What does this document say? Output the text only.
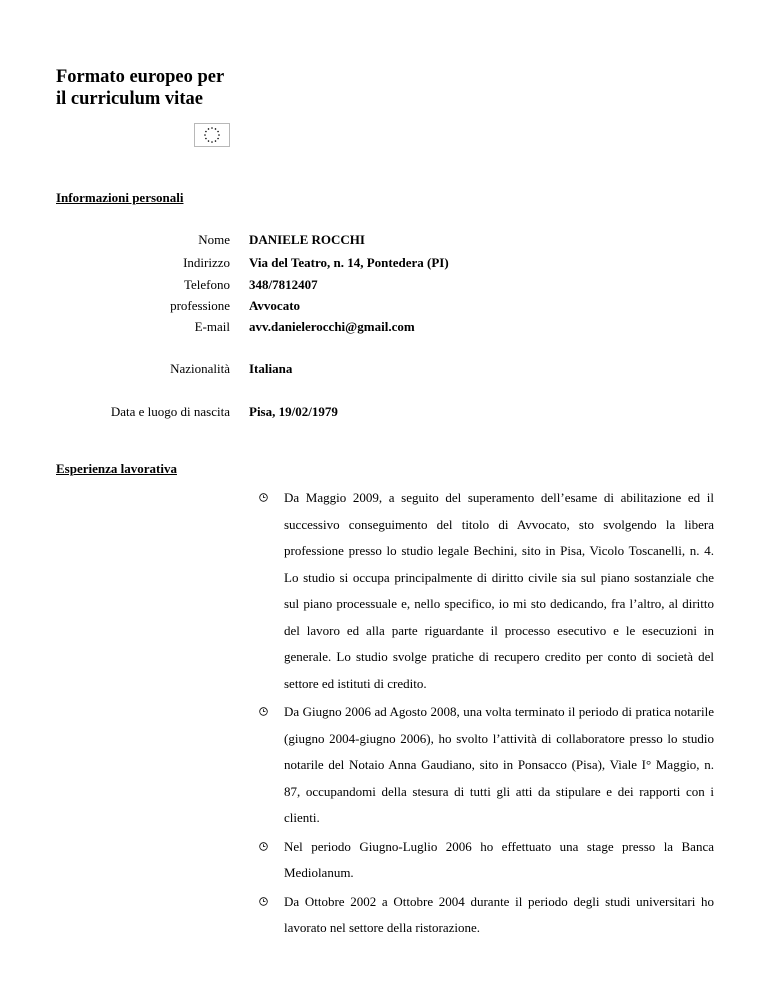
Formato europeo per
il curriculum vitae
Informazioni personali
Nome DANIELE ROCCHI
Indirizzo Via del Teatro, n. 14, Pontedera (PI)
Telefono 348/7812407
professione Avvocato
E-mail avv.danielerocchi@gmail.com
Nazionalità Italiana
Data e luogo di nascita Pisa, 19/02/1979
Esperienza lavorativa
Da Maggio 2009, a seguito del superamento dell’esame di abilitazione ed il successivo conseguimento del titolo di Avvocato, sto svolgendo la libera professione presso lo studio legale Bechini, sito in Pisa, Vicolo Toscanelli, n. 4. Lo studio si occupa principalmente di diritto civile sia sul piano sostanziale che sul piano processuale e, nello specifico, io mi sto dedicando, fra l’altro, al diritto del lavoro ed alla parte riguardante il processo esecutivo e le esecuzioni in generale. Lo studio svolge pratiche di recupero credito per conto di società del settore ed istituti di credito.
Da Giugno 2006 ad Agosto 2008, una volta terminato il periodo di pratica notarile (giugno 2004-giugno 2006), ho svolto l’attività di collaboratore presso lo studio notarile del Notaio Anna Gaudiano, sito in Ponsacco (Pisa), Viale I° Maggio, n. 87, occupandomi della stesura di tutti gli atti da stipulare e dei rapporti con i clienti.
Nel periodo Giugno-Luglio 2006 ho effettuato una stage presso la Banca Mediolanum.
Da Ottobre 2002 a Ottobre 2004 durante il periodo degli studi universitari ho lavorato nel settore della ristorazione.
